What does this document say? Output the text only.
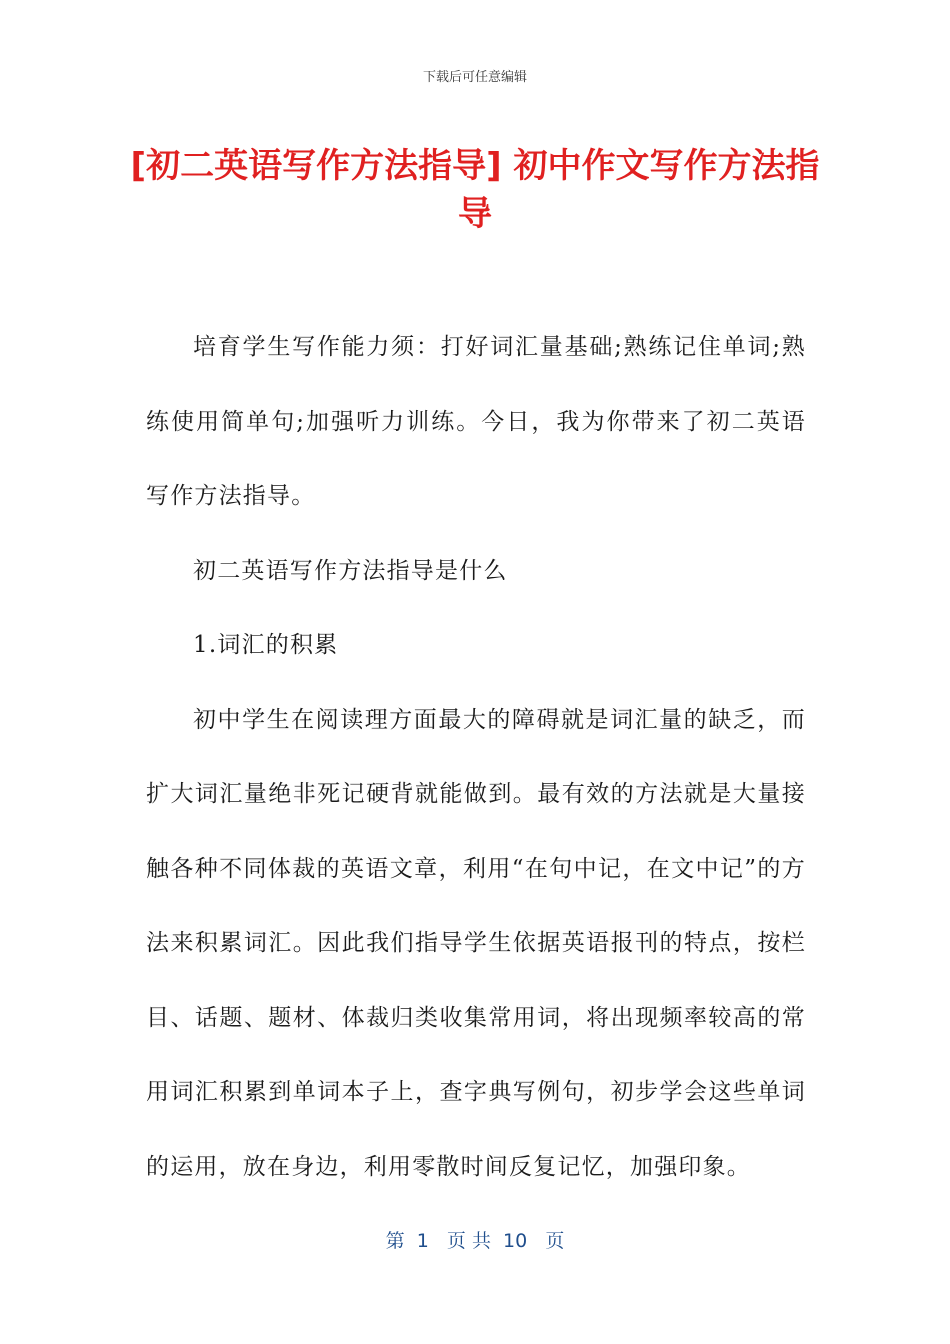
下载后可任意编辑
[初二英语写作方法指导] 初中作文写作方法指导

培育学生写作能力须：打好词汇量基础;熟练记住单词;熟练使用简单句;加强听力训练。今日，我为你带来了初二英语写作方法指导。

初二英语写作方法指导是什么

1.词汇的积累

初中学生在阅读理方面最大的障碍就是词汇量的缺乏，而扩大词汇量绝非死记硬背就能做到。最有效的方法就是大量接触各种不同体裁的英语文章，利用“在句中记，在文中记”的方法来积累词汇。因此我们指导学生依据英语报刊的特点，按栏目、话题、题材、体裁归类收集常用词，将出现频率较高的常用词汇积累到单词本子上，查字典写例句，初步学会这些单词的运用，放在身边，利用零散时间反复记忆，加强印象。

第  1   页 共  10   页
